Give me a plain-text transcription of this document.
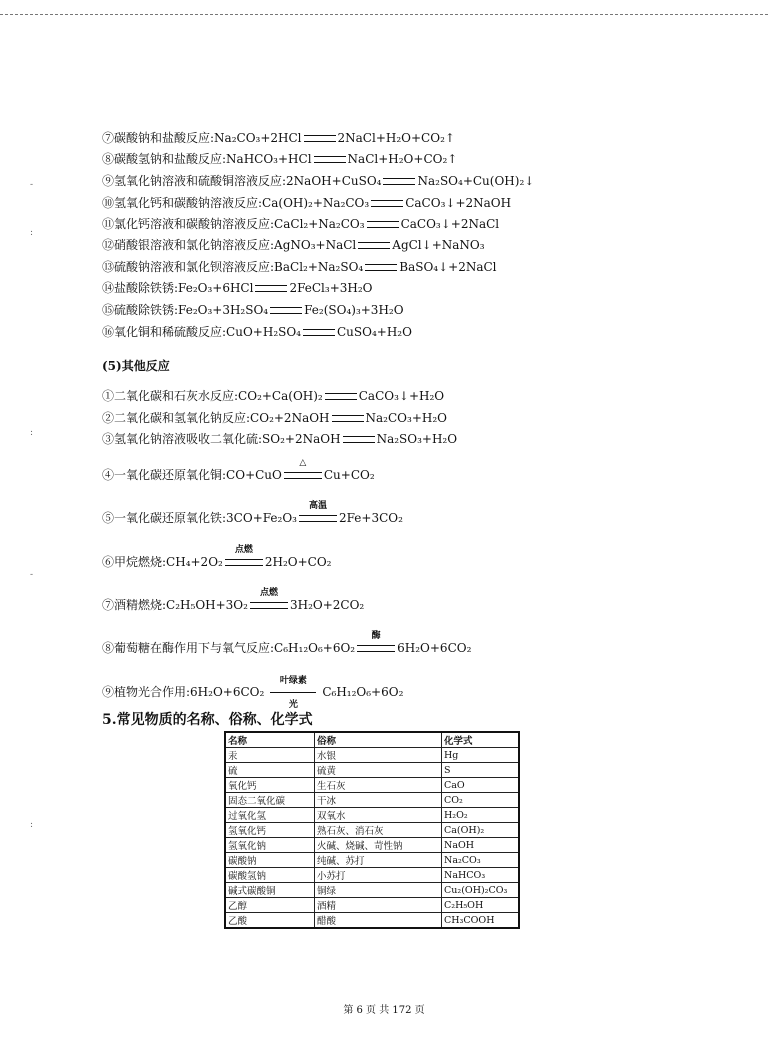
⑦碳酸钠和盐酸反应:Na₂CO₃+2HCl	2NaCl+H₂O+CO₂↑
⑧碳酸氢钠和盐酸反应:NaHCO₃+HCl	NaCl+H₂O+CO₂↑
⑨氢氧化钠溶液和硫酸铜溶液反应:2NaOH+CuSO₄	Na₂SO₄+Cu(OH)₂↓
⑩氢氧化钙和碳酸钠溶液反应:Ca(OH)₂+Na₂CO₃	CaCO₃↓+2NaOH
⑪氯化钙溶液和碳酸钠溶液反应:CaCl₂+Na₂CO₃	CaCO₃↓+2NaCl
⑫硝酸银溶液和氯化钠溶液反应:AgNO₃+NaCl	AgCl↓+NaNO₃
⑬硫酸钠溶液和氯化钡溶液反应:BaCl₂+Na₂SO₄	BaSO₄↓+2NaCl
⑭盐酸除铁锈:Fe₂O₃+6HCl	2FeCl₃+3H₂O
⑮硫酸除铁锈:Fe₂O₃+3H₂SO₄	Fe₂(SO₄)₃+3H₂O
⑯氧化铜和稀硫酸反应:CuO+H₂SO₄	CuSO₄+H₂O
(5)其他反应
①二氧化碳和石灰水反应:CO₂+Ca(OH)₂	CaCO₃↓+H₂O
②二氧化碳和氢氧化钠反应:CO₂+2NaOH	Na₂CO₃+H₂O
③氢氧化钠溶液吸收二氧化硫:SO₂+2NaOH	Na₂SO₃+H₂O
④一氧化碳还原氧化铜:CO+CuO
△
Cu+CO₂
⑤一氧化碳还原氧化铁:3CO+Fe₂O₃
高温
2Fe+3CO₂
⑥甲烷燃烧:CH₄+2O₂
点燃
2H₂O+CO₂
⑦酒精燃烧:C₂H₅OH+3O₂
点燃
3H₂O+2CO₂
⑧葡萄糖在酶作用下与氧气反应:C₆H₁₂O₆+6O₂
酶
6H₂O+6CO₂
⑨植物光合作用:6H₂O+6CO₂
叶绿素
光
C₆H₁₂O₆+6O₂
5.常见物质的名称、俗称、化学式
名称	俗称	化学式
汞	水银	Hg
硫	硫黄	S
氧化钙	生石灰	CaO
固态二氧化碳	干冰	CO₂
过氧化氢	双氧水	H₂O₂
氢氧化钙	熟石灰、消石灰	Ca(OH)₂
氢氧化钠	火碱、烧碱、苛性钠	NaOH
碳酸钠	纯碱、苏打	Na₂CO₃
碳酸氢钠	小苏打	NaHCO₃
碱式碳酸铜	铜绿	Cu₂(OH)₂CO₃
乙醇	酒精	C₂H₅OH
乙酸	醋酸	CH₃COOH
第 6 页 共 172 页
-
:
:
-
:
